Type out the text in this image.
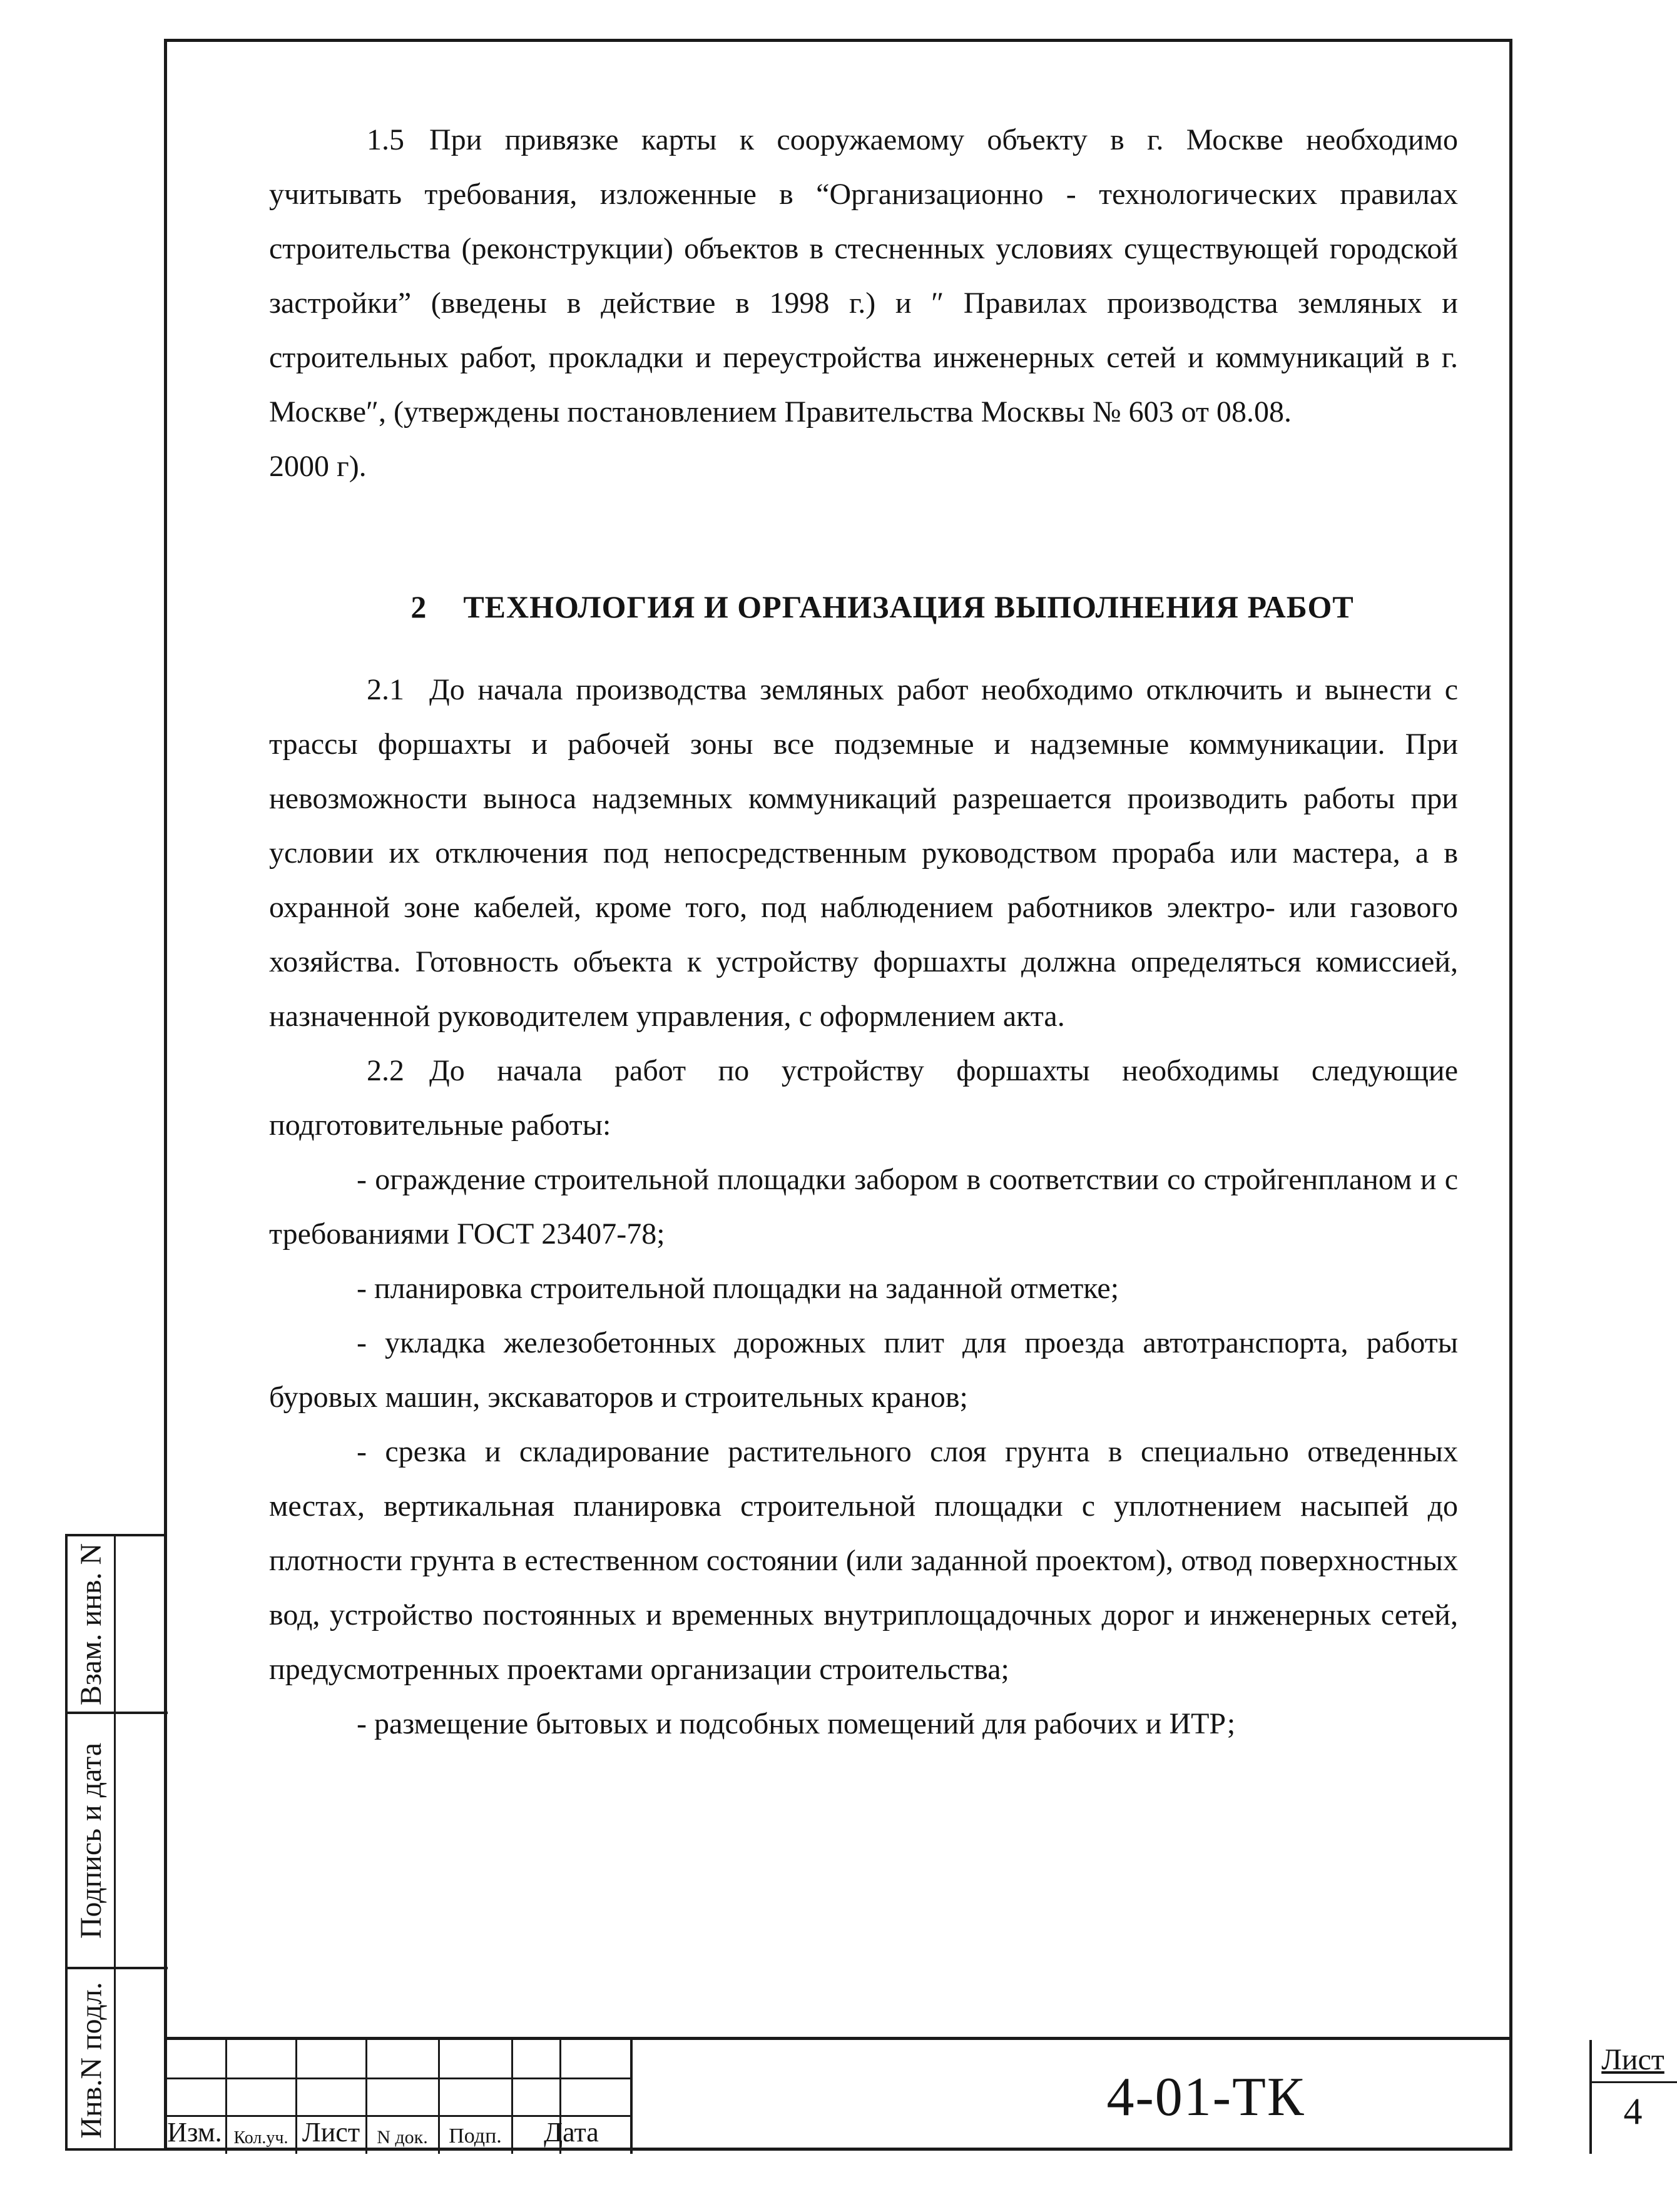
Взам. инв. N
Подпись и дата
Инв.N подл.

1.5 При привязке карты к сооружаемому объекту в г. Москве необходимо учитывать требования, изложенные в “Организационно - технологических правилах строительства (реконструкции) объектов в стесненных условиях существующей городской застройки” (введены в действие в 1998 г.) и ″ Правилах производства земляных и строительных работ, прокладки и переустройства инженерных сетей и коммуникаций в г. Москве″, (утверждены постановлением Правительства Москвы № 603 от 08.08.

2000 г).

2 ТЕХНОЛОГИЯ И ОРГАНИЗАЦИЯ ВЫПОЛНЕНИЯ РАБОТ

2.1 До начала производства земляных работ необходимо отключить и вынести с трассы форшахты и рабочей зоны все подземные и надземные коммуникации. При невозможности выноса надземных коммуникаций разрешается производить работы при условии их отключения под непосредственным руководством прораба или мастера, а в охранной зоне кабелей, кроме того, под наблюдением работников электро- или газового хозяйства. Готовность объекта к устройству форшахты должна определяться комиссией, назначенной руководителем управления, с оформлением акта.

2.2 До начала работ по устройству форшахты необходимы следующие подготовительные работы:

- ограждение строительной площадки забором в соответствии со стройгенпланом и с требованиями ГОСТ 23407-78;

- планировка строительной площадки на заданной отметке;

- укладка железобетонных дорожных плит для проезда автотранспорта, работы буровых машин, экскаваторов и строительных кранов;

- срезка и складирование растительного слоя грунта в специально отведенных местах, вертикальная планировка строительной площадки с уплотнением насыпей до плотности грунта в естественном состоянии (или заданной проектом), отвод поверхностных вод, устройство постоянных и временных внутриплощадочных дорог и инженерных сетей, предусмотренных проектами организации строительства;

- размещение бытовых и подсобных помещений для рабочих и ИТР;

Изм. Кол.уч. Лист N док. Подп.	Дата
4-01-ТК
Лист
4
